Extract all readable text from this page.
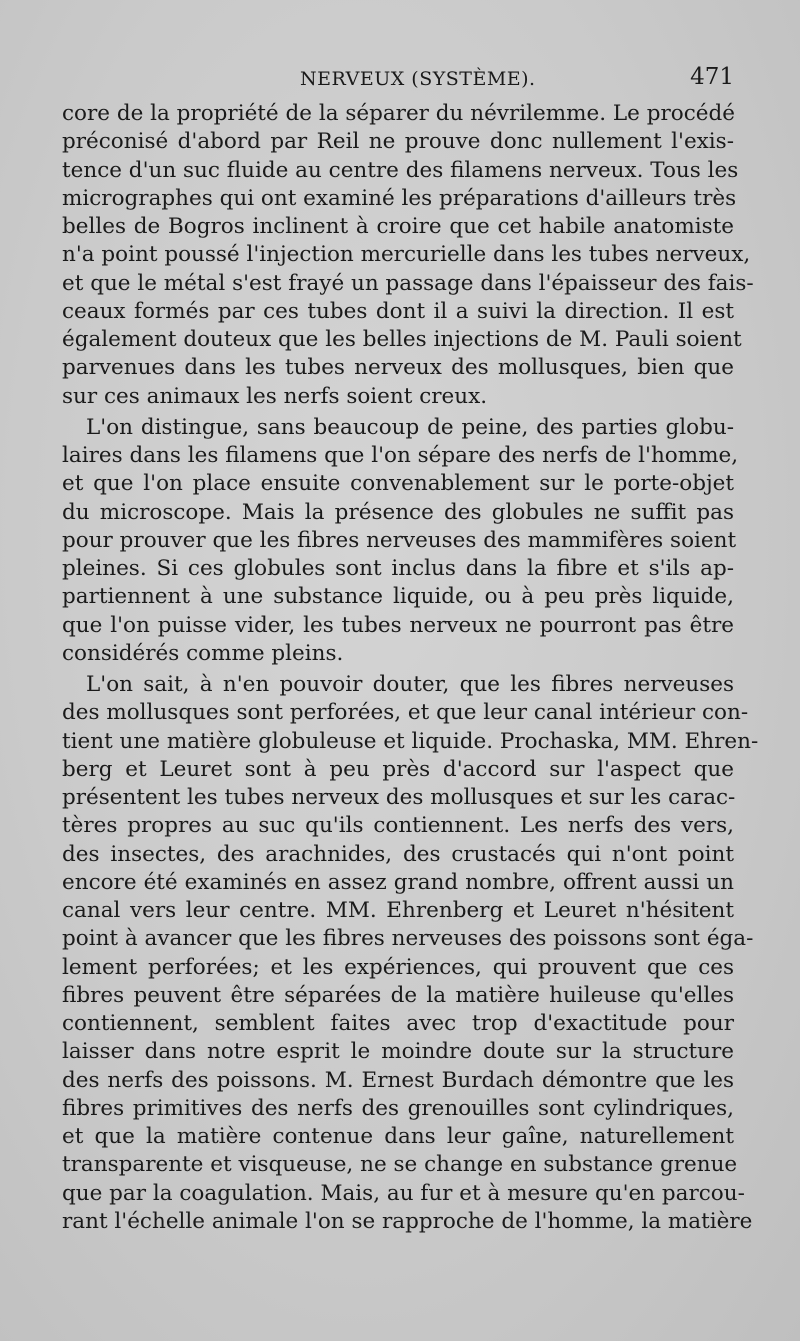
NERVEUX (SYSTÈME).	471
core de la propriété de la séparer du névrilemme. Le procédé
préconisé d'abord par Reil ne prouve donc nullement l'exis-
tence d'un suc fluide au centre des filamens nerveux. Tous les
micrographes qui ont examiné les préparations d'ailleurs très
belles de Bogros inclinent à croire que cet habile anatomiste
n'a point poussé l'injection mercurielle dans les tubes nerveux,
et que le métal s'est frayé un passage dans l'épaisseur des fais-
ceaux formés par ces tubes dont il a suivi la direction. Il est
également douteux que les belles injections de M. Pauli soient
parvenues dans les tubes nerveux des mollusques, bien que
sur ces animaux les nerfs soient creux.
L'on distingue, sans beaucoup de peine, des parties globu-
laires dans les filamens que l'on sépare des nerfs de l'homme,
et que l'on place ensuite convenablement sur le porte-objet
du microscope. Mais la présence des globules ne suffit pas
pour prouver que les fibres nerveuses des mammifères soient
pleines. Si ces globules sont inclus dans la fibre et s'ils ap-
partiennent à une substance liquide, ou à peu près liquide,
que l'on puisse vider, les tubes nerveux ne pourront pas être
considérés comme pleins.
L'on sait, à n'en pouvoir douter, que les fibres nerveuses
des mollusques sont perforées, et que leur canal intérieur con-
tient une matière globuleuse et liquide. Prochaska, MM. Ehren-
berg et Leuret sont à peu près d'accord sur l'aspect que
présentent les tubes nerveux des mollusques et sur les carac-
tères propres au suc qu'ils contiennent. Les nerfs des vers,
des insectes, des arachnides, des crustacés qui n'ont point
encore été examinés en assez grand nombre, offrent aussi un
canal vers leur centre. MM. Ehrenberg et Leuret n'hésitent
point à avancer que les fibres nerveuses des poissons sont éga-
lement perforées; et les expériences, qui prouvent que ces
fibres peuvent être séparées de la matière huileuse qu'elles
contiennent, semblent faites avec trop d'exactitude pour
laisser dans notre esprit le moindre doute sur la structure
des nerfs des poissons. M. Ernest Burdach démontre que les
fibres primitives des nerfs des grenouilles sont cylindriques,
et que la matière contenue dans leur gaîne, naturellement
transparente et visqueuse, ne se change en substance grenue
que par la coagulation. Mais, au fur et à mesure qu'en parcou-
rant l'échelle animale l'on se rapproche de l'homme, la matière
